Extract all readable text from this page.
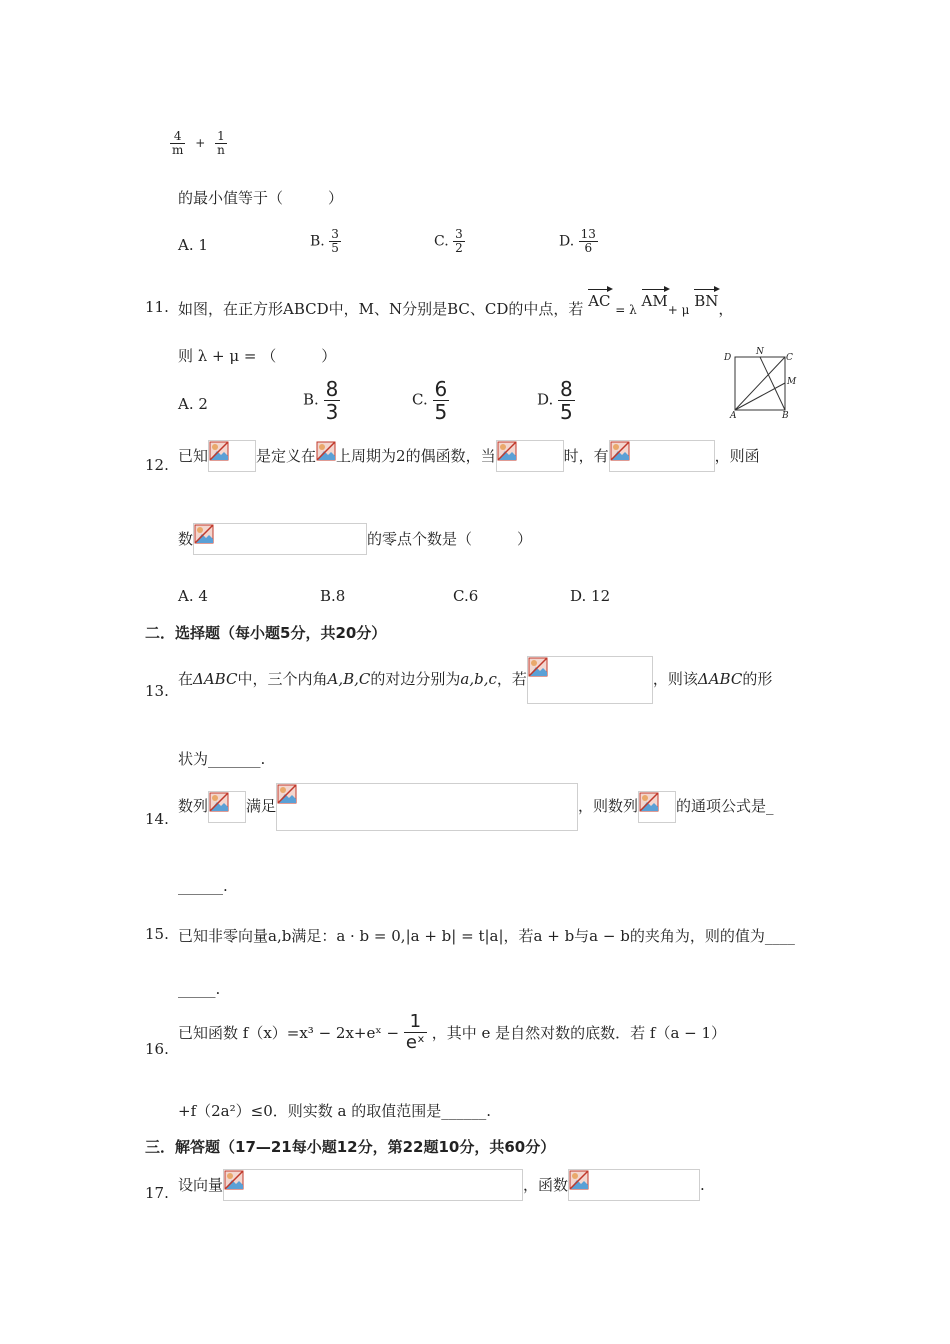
$\frac{4}{m} + \frac{1}{n}$
的最小值等于（　　　）
A. 1	B. $\frac{3}{5}$	C. $\frac{3}{2}$	D. $\frac{13}{6}$
11. 如图，在正方形ABCD中，M、N分别是BC、CD的中点，若 AC = λ AM+ μ BN，
则 λ + μ = （　　　）
A. 2	B. $\frac{8}{3}$	C. $\frac{6}{5}$	D. $\frac{8}{5}$
D
N
C
M
A	B
12. 已知	是定义在 上周期为2的偶函数，当	时，有	，则函
数	的零点个数是（　　　）
A. 4	B.8	C.6	D. 12
二．选择题（每小题5分，共20分）
13.
在ΔABC中，三个内角A,B,C的对边分别为a,b,c，若	，则该ΔABC的形
状为_______.
14.
数列	满足	，则数列	的通项公式是_
______.
15. 已知非零向量a,b满足：a · b = 0,|a + b| = t|a|，若a + b与a − b的夹角为，则的值为____
_____.
16.
已知函数 f（x）=x³ − 2x+eˣ − $\frac{1}{\text{eˣ}}$ ，其中 e 是自然对数的底数．若 f（a − 1）
+f（2a²）≤0．则实数 a 的取值范围是______.
三．解答题（17—21每小题12分，第22题10分，共60分）
17. 设向量	，函数	.
